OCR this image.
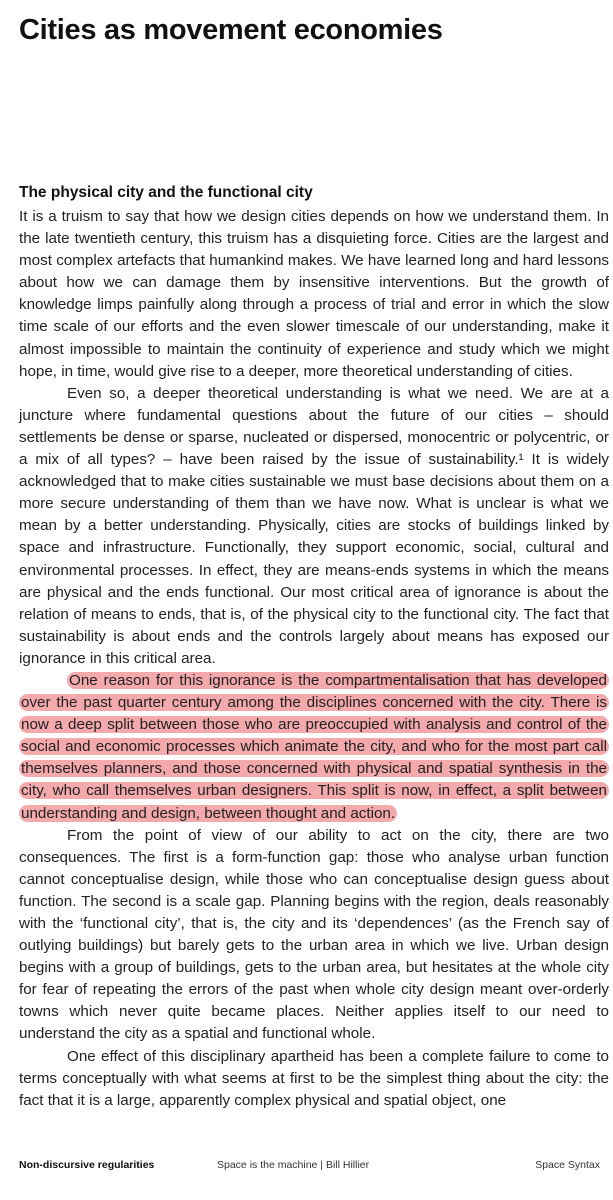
Cities as movement economies
The physical city and the functional city

It is a truism to say that how we design cities depends on how we understand them. In the late twentieth century, this truism has a disquieting force. Cities are the largest and most complex artefacts that humankind makes. We have learned long and hard lessons about how we can damage them by insensitive interventions. But the growth of knowledge limps painfully along through a process of trial and error in which the slow time scale of our efforts and the even slower timescale of our understanding, make it almost impossible to maintain the continuity of experience and study which we might hope, in time, would give rise to a deeper, more theoretical understanding of cities.

Even so, a deeper theoretical understanding is what we need. We are at a juncture where fundamental questions about the future of our cities – should settlements be dense or sparse, nucleated or dispersed, monocentric or polycentric, or a mix of all types? – have been raised by the issue of sustainability.¹ It is widely acknowledged that to make cities sustainable we must base decisions about them on a more secure understanding of them than we have now. What is unclear is what we mean by a better understanding. Physically, cities are stocks of buildings linked by space and infrastructure. Functionally, they support economic, social, cultural and environmental processes. In effect, they are means-ends systems in which the means are physical and the ends functional. Our most critical area of ignorance is about the relation of means to ends, that is, of the physical city to the functional city. The fact that sustainability is about ends and the controls largely about means has exposed our ignorance in this critical area.

One reason for this ignorance is the compartmentalisation that has developed over the past quarter century among the disciplines concerned with the city. There is now a deep split between those who are preoccupied with analysis and control of the social and economic processes which animate the city, and who for the most part call themselves planners, and those concerned with physical and spatial synthesis in the city, who call themselves urban designers. This split is now, in effect, a split between understanding and design, between thought and action.

From the point of view of our ability to act on the city, there are two consequences. The first is a form-function gap: those who analyse urban function cannot conceptualise design, while those who can conceptualise design guess about function. The second is a scale gap. Planning begins with the region, deals reasonably with the ‘functional city’, that is, the city and its ‘dependences’ (as the French say of outlying buildings) but barely gets to the urban area in which we live. Urban design begins with a group of buildings, gets to the urban area, but hesitates at the whole city for fear of repeating the errors of the past when whole city design meant over-orderly towns which never quite became places. Neither applies itself to our need to understand the city as a spatial and functional whole.

One effect of this disciplinary apartheid has been a complete failure to come to terms conceptually with what seems at first to be the simplest thing about the city: the fact that it is a large, apparently complex physical and spatial object, one

Non-discursive regularities	Space is the machine | Bill Hillier	Space Syntax
